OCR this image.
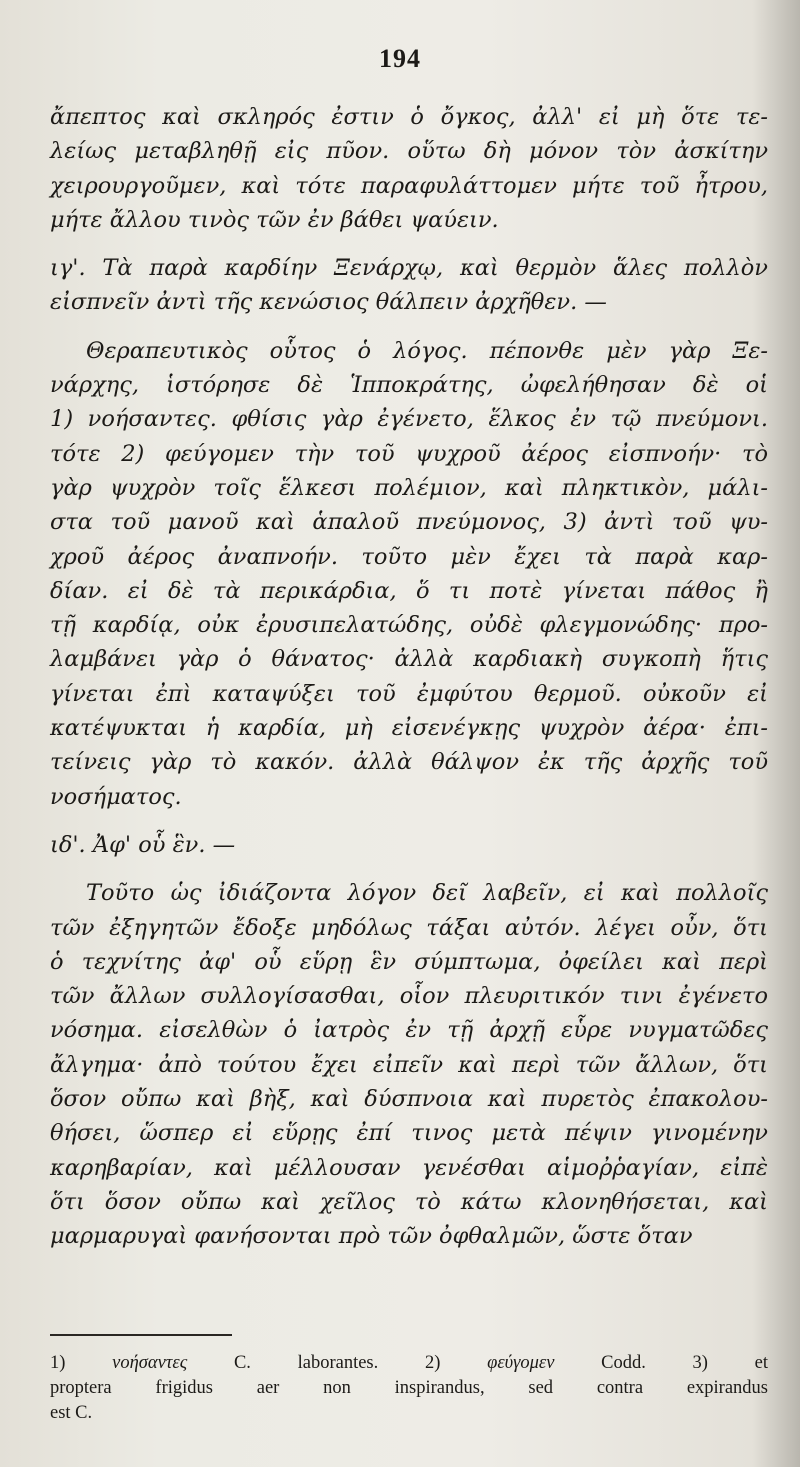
194
ἄπεπτος καὶ σκληρός ἐστιν ὁ ὄγκος, ἀλλ' εἰ μὴ ὅτε τε-
λείως μεταβληθῇ εἰς πῦον. οὕτω δὴ μόνον τὸν ἀσκίτην
χειρουργοῦμεν, καὶ τότε παραφυλάττομεν μήτε τοῦ ἦτρου,
μήτε ἄλλου τινὸς τῶν ἐν βάθει ψαύειν.
ιγ'. Τὰ παρὰ καρδίην Ξενάρχῳ, καὶ θερμὸν ἅλες πολλὸν
εἰσπνεῖν ἀντὶ τῆς κενώσιος θάλπειν ἀρχῆθεν. —
Θεραπευτικὸς οὗτος ὁ λόγος. πέπονθε μὲν γὰρ Ξε-
νάρχης, ἱστόρησε δὲ Ἱπποκράτης, ὠφελήθησαν δὲ οἱ
1) νοήσαντες. φθίσις γὰρ ἐγένετο, ἕλκος ἐν τῷ πνεύμονι.
τότε 2) φεύγομεν τὴν τοῦ ψυχροῦ ἀέρος εἰσπνοήν· τὸ
γὰρ ψυχρὸν τοῖς ἕλκεσι πολέμιον, καὶ πληκτικὸν, μάλι-
στα τοῦ μανοῦ καὶ ἁπαλοῦ πνεύμονος, 3) ἀντὶ τοῦ ψυ-
χροῦ ἀέρος ἀναπνοήν. τοῦτο μὲν ἔχει τὰ παρὰ καρ-
δίαν. εἰ δὲ τὰ περικάρδια, ὅ τι ποτὲ γίνεται πάθος ἢ
τῇ καρδίᾳ, οὐκ ἐρυσιπελατώδης, οὐδὲ φλεγμονώδης· προ-
λαμβάνει γὰρ ὁ θάνατος· ἀλλὰ καρδιακὴ συγκοπὴ ἥτις
γίνεται ἐπὶ καταψύξει τοῦ ἐμφύτου θερμοῦ. οὐκοῦν εἰ
κατέψυκται ἡ καρδία, μὴ εἰσενέγκῃς ψυχρὸν ἀέρα· ἐπι-
τείνεις γὰρ τὸ κακόν. ἀλλὰ θάλψον ἐκ τῆς ἀρχῆς τοῦ
νοσήματος.
ιδ'. Ἀφ' οὗ ἓν. —
Τοῦτο ὡς ἰδιάζοντα λόγον δεῖ λαβεῖν, εἰ καὶ πολλοῖς
τῶν ἐξηγητῶν ἔδοξε μηδόλως τάξαι αὐτόν. λέγει οὖν, ὅτι
ὁ τεχνίτης ἀφ' οὗ εὕρῃ ἓν σύμπτωμα, ὀφείλει καὶ περὶ
τῶν ἄλλων συλλογίσασθαι, οἷον πλευριτικόν τινι ἐγένετο
νόσημα. εἰσελθὼν ὁ ἰατρὸς ἐν τῇ ἀρχῇ εὗρε νυγματῶδες
ἄλγημα· ἀπὸ τούτου ἔχει εἰπεῖν καὶ περὶ τῶν ἄλλων, ὅτι
ὅσον οὔπω καὶ βὴξ, καὶ δύσπνοια καὶ πυρετὸς ἐπακολου-
θήσει, ὥσπερ εἰ εὕρῃς ἐπί τινος μετὰ πέψιν γινομένην
καρηβαρίαν, καὶ μέλλουσαν γενέσθαι αἱμοῤῥαγίαν, εἰπὲ
ὅτι ὅσον οὔπω καὶ χεῖλος τὸ κάτω κλονηθήσεται, καὶ
μαρμαρυγαὶ φανήσονται πρὸ τῶν ὀφθαλμῶν, ὥστε ὅταν
1)	νοήσαντες	C. laborantes.	2)	φεύγομεν	Codd.	3) et
proptera frigidus aer non inspirandus, sed contra expirandus
est C.
